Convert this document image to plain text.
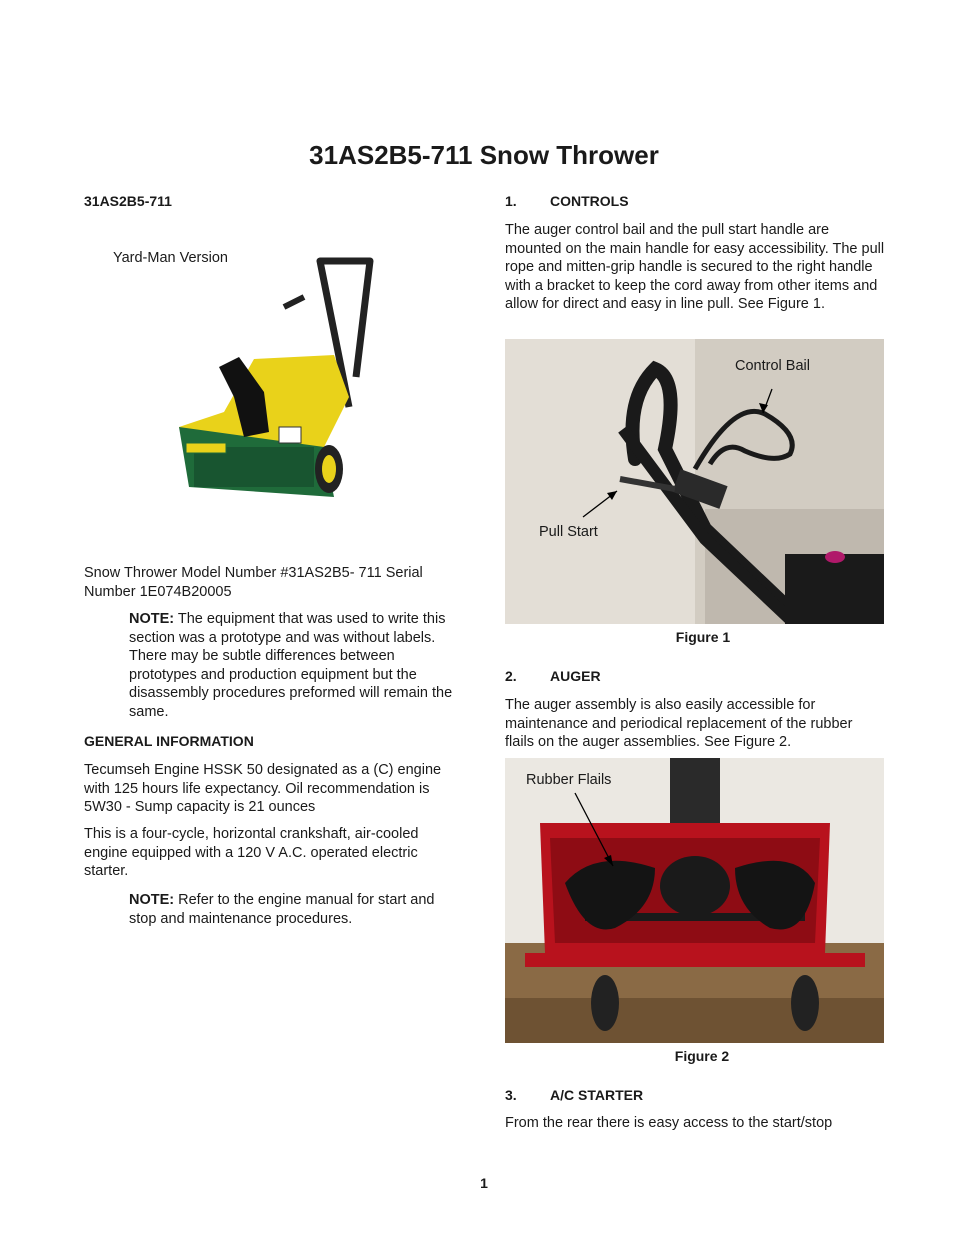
31AS2B5-711 Snow Thrower
31AS2B5-711
Yard-Man Version
Snow Thrower Model Number #31AS2B5- 711 Serial Number 1E074B20005
NOTE: The equipment that was used to write this section was a prototype and was without labels. There may be subtle differences between prototypes and production equipment but the disassembly procedures preformed will remain the same.
GENERAL INFORMATION
Tecumseh Engine HSSK 50 designated as a (C) engine with 125 hours life expectancy. Oil recommendation is 5W30 - Sump capacity is 21 ounces
This is a four-cycle, horizontal crankshaft, air-cooled engine equipped with a 120 V A.C. operated electric starter.
NOTE: Refer to the engine manual for start and stop and maintenance procedures.
1. CONTROLS
The auger control bail and the pull start handle are mounted on the main handle for easy accessibility. The pull rope and mitten-grip handle is secured to the right handle with a bracket to keep the cord away from other items and allow for direct and easy in line pull. See Figure 1.
Control Bail
Pull Start
Figure 1
2. AUGER
The auger assembly is also easily accessible for maintenance and periodical replacement of the rubber flails on the auger assemblies. See Figure 2.
Rubber Flails
Figure 2
3. A/C STARTER
From the rear there is easy access to the start/stop
1
